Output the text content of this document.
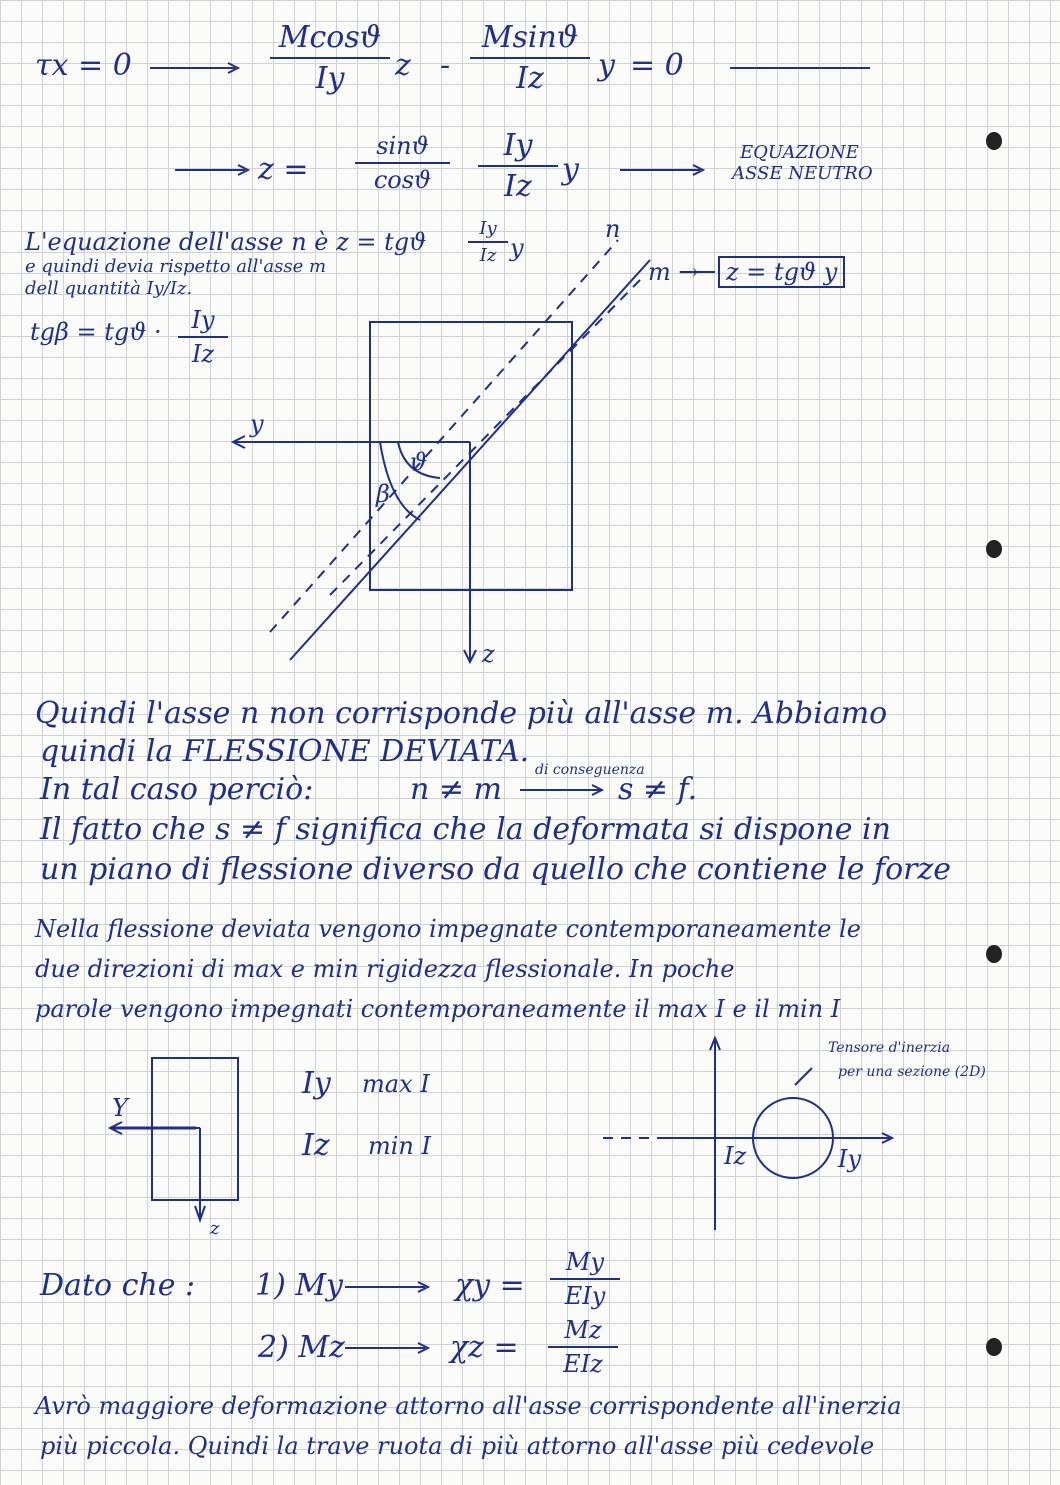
τx = 0	$\frac{Mcosϑ}{Iy}$ z - $\frac{Msinϑ}{Iz}$ y = 0
$z = \frac{\sin ϑ}{\cos ϑ} \frac{Iy}{Iz}$ y	EQUAZIONE
ASSE NEUTRO
L'equazione dell'asse n è z = tgϑ $\frac{Iy}{Iz}$ y
e quindi devia rispetto all'asse m
dell quantità Iy/Iz.
$tg\beta = tgϑ \cdot \frac{Iy}{Iz}$
m →	z = tgϑ y
n
y
z
ϑ
β
Quindi l'asse n non corrisponde più all'asse m. Abbiamo
quindi la FLESSIONE DEVIATA.
In tal caso perciò:	n ≠ m
di conseguenza
s ≠ f.
Il fatto che s ≠ f significa che la deformata si dispone in
un piano di flessione diverso da quello che contiene le forze
Nella flessione deviata vengono impegnate contemporaneamente le
due direzioni di max e min rigidezza flessionale. In poche
parole vengono impegnati contemporaneamente il max I e il min I
Y
z
Iy max I
Iz min I
Tensore d'inerzia
per una sezione (2D)
Iz	Iy
Dato che : 1) My	χy =
My
EIy
2) Mz	χz =	Mz
EIz
Avrò maggiore deformazione attorno all'asse corrispondente all'inerzia
più piccola. Quindi la trave ruota di più attorno all'asse più cedevole
